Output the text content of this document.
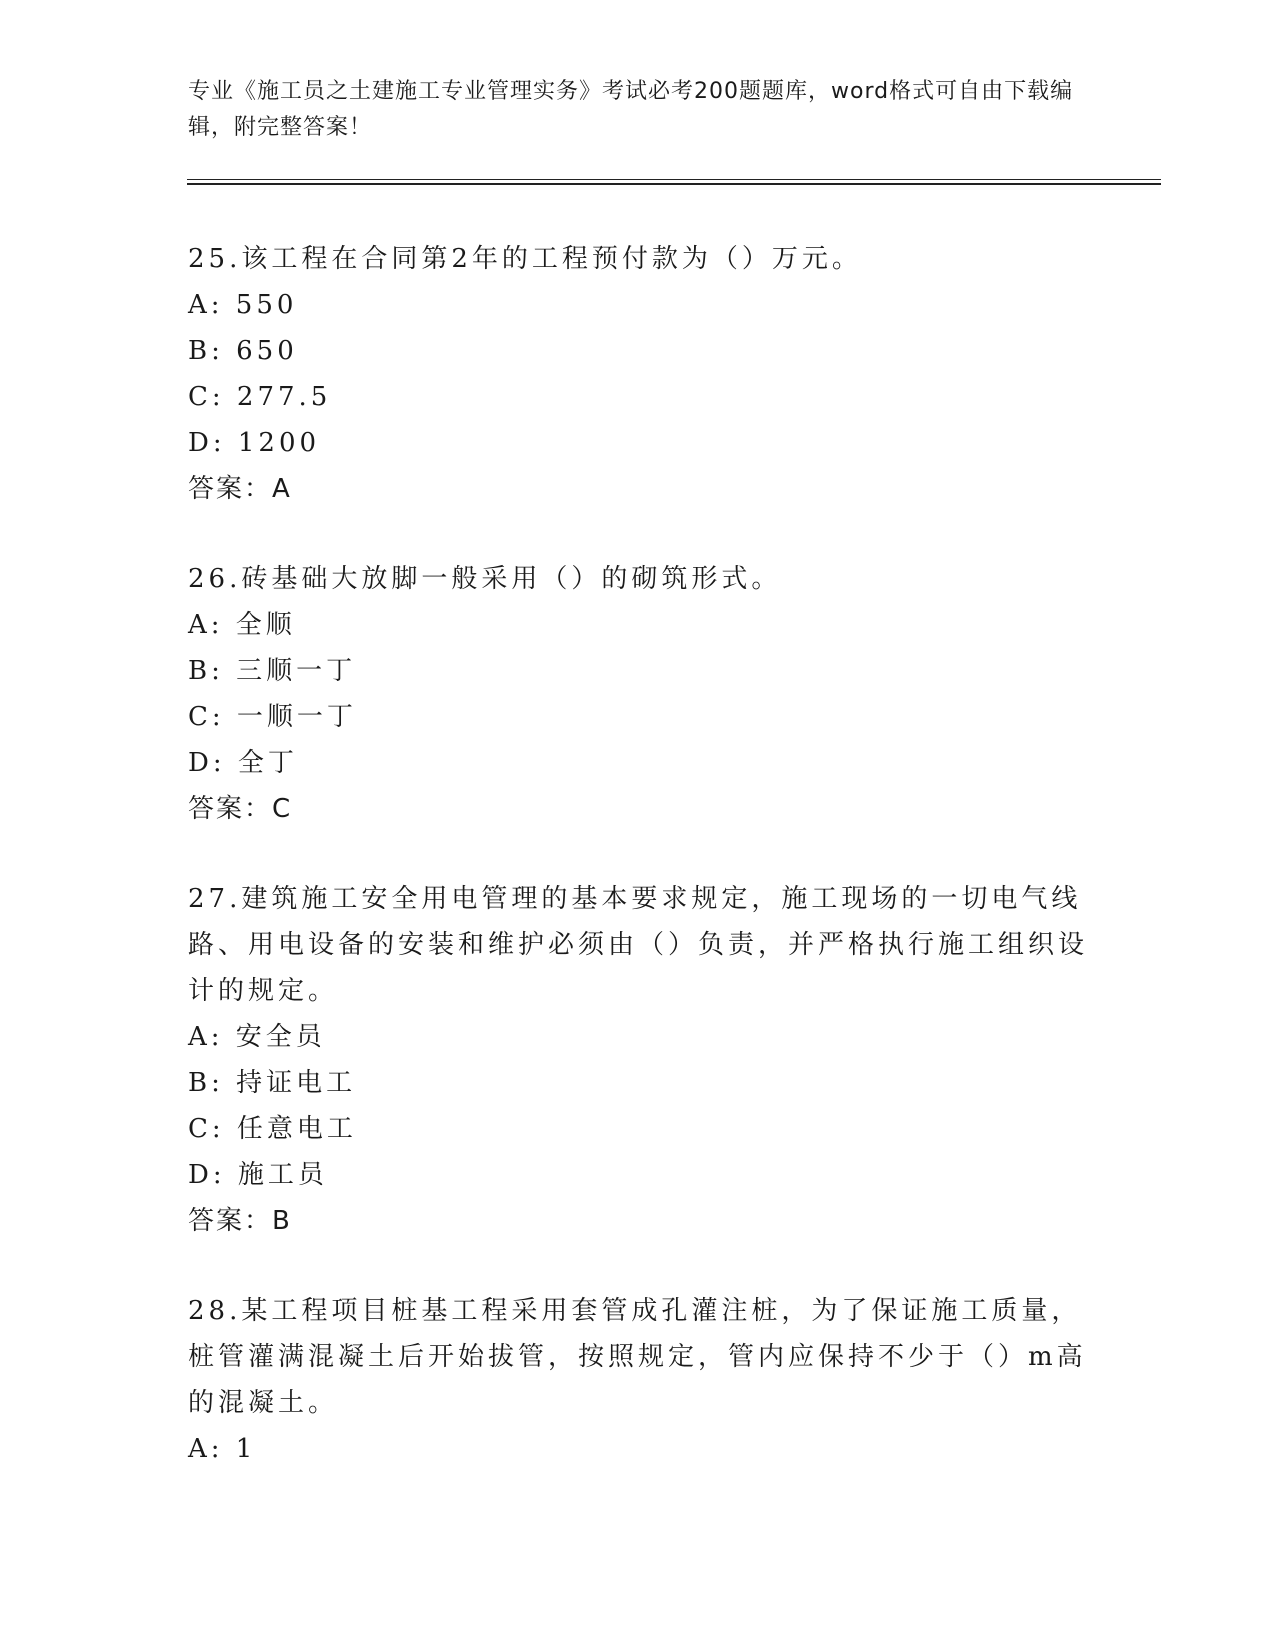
专业《施工员之土建施工专业管理实务》考试必考200题题库，word格式可自由下载编辑，附完整答案！

25.该工程在合同第2年的工程预付款为（）万元。

A: 550

B: 650

C: 277.5

D: 1200

答案：A

26.砖基础大放脚一般采用（）的砌筑形式。

A: 全顺

B: 三顺一丁

C: 一顺一丁

D: 全丁

答案：C

27.建筑施工安全用电管理的基本要求规定，施工现场的一切电气线路、用电设备的安装和维护必须由（）负责，并严格执行施工组织设计的规定。

A: 安全员

B: 持证电工

C: 任意电工

D: 施工员

答案：B

28.某工程项目桩基工程采用套管成孔灌注桩，为了保证施工质量，桩管灌满混凝土后开始拔管，按照规定，管内应保持不少于（）m高的混凝土。

A: 1
